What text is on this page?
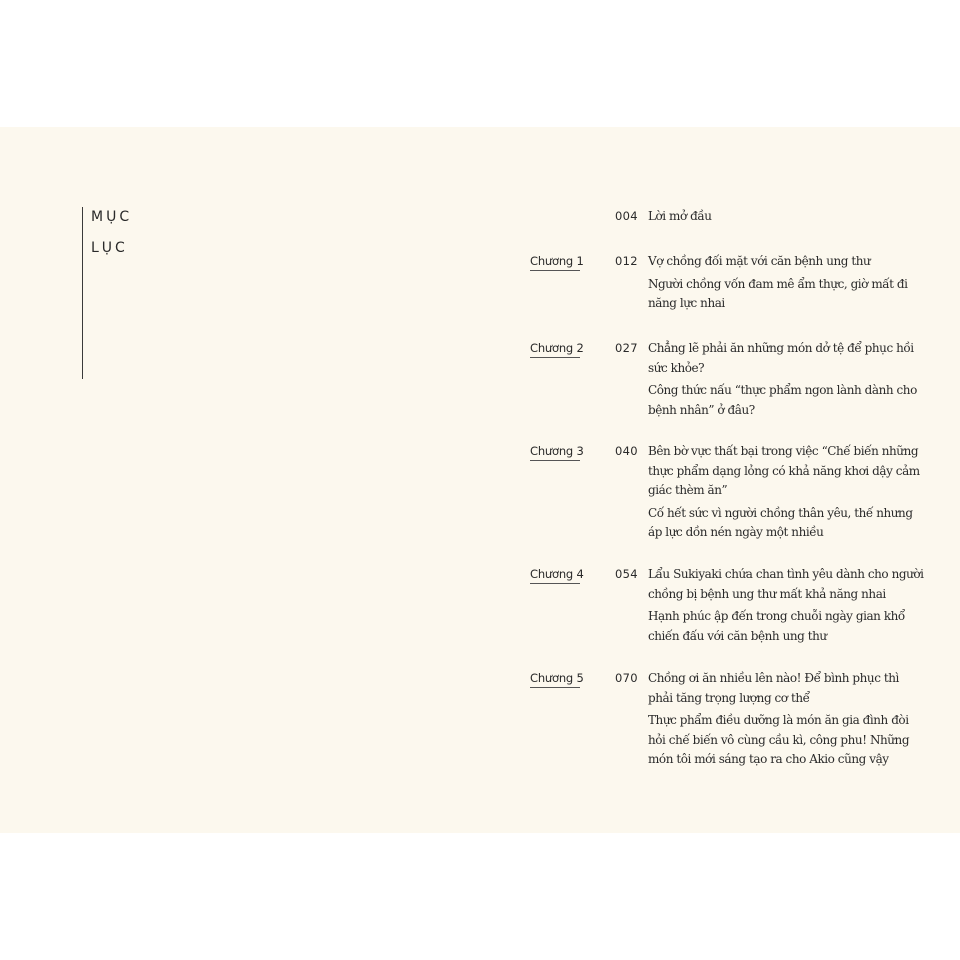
MỤC
LỤC
004 Lời mở đầu
Chương 1	012 Vợ chồng đối mặt với căn bệnh ung thư
Người chồng vốn đam mê ẩm thực, giờ mất đi
năng lực nhai
Chương 2	027 Chẳng lẽ phải ăn những món dở tệ để phục hồi
sức khỏe?
Công thức nấu “thực phẩm ngon lành dành cho
bệnh nhân” ở đâu?
Chương 3	040 Bên bờ vực thất bại trong việc “Chế biến những
thực phẩm dạng lỏng có khả năng khơi dậy cảm
giác thèm ăn”
Cố hết sức vì người chồng thân yêu, thế nhưng
áp lực dồn nén ngày một nhiều
Chương 4	054 Lẩu Sukiyaki chứa chan tình yêu dành cho người
chồng bị bệnh ung thư mất khả năng nhai
Hạnh phúc ập đến trong chuỗi ngày gian khổ
chiến đấu với căn bệnh ung thư
Chương 5	070 Chồng ơi ăn nhiều lên nào! Để bình phục thì
phải tăng trọng lượng cơ thể
Thực phẩm điều dưỡng là món ăn gia đình đòi
hỏi chế biến vô cùng cầu kì, công phu! Những
món tôi mới sáng tạo ra cho Akio cũng vậy
